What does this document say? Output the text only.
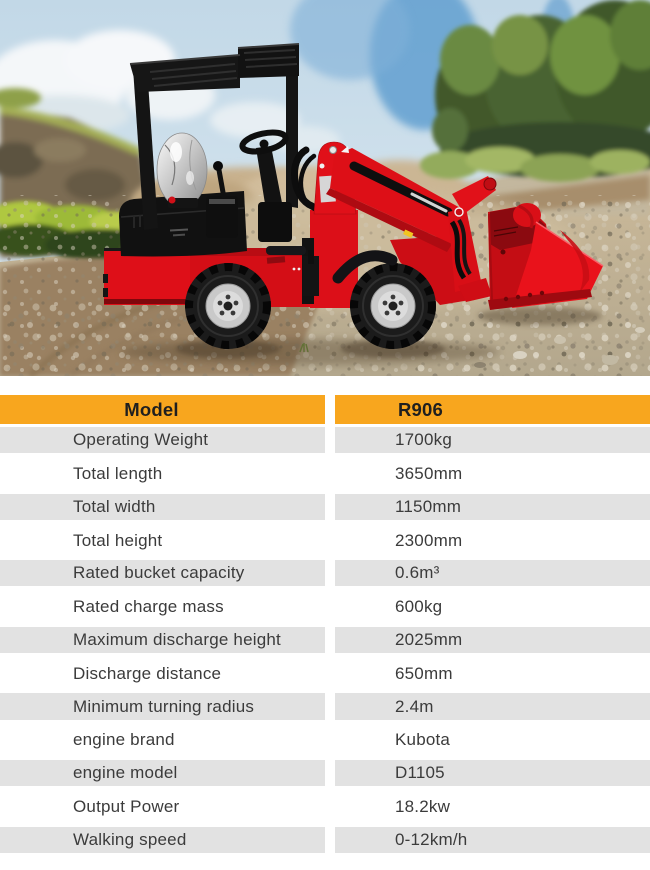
Model	R906
Operating Weight	1700kg
Total length	3650mm
Total width	1150mm
Total height	2300mm
Rated bucket capacity	0.6m³
Rated charge mass	600kg
Maximum discharge height	2025mm
Discharge distance	650mm
Minimum turning radius	2.4m
engine brand	Kubota
engine model	D1105
Output Power	18.2kw
Walking speed	0-12km/h
